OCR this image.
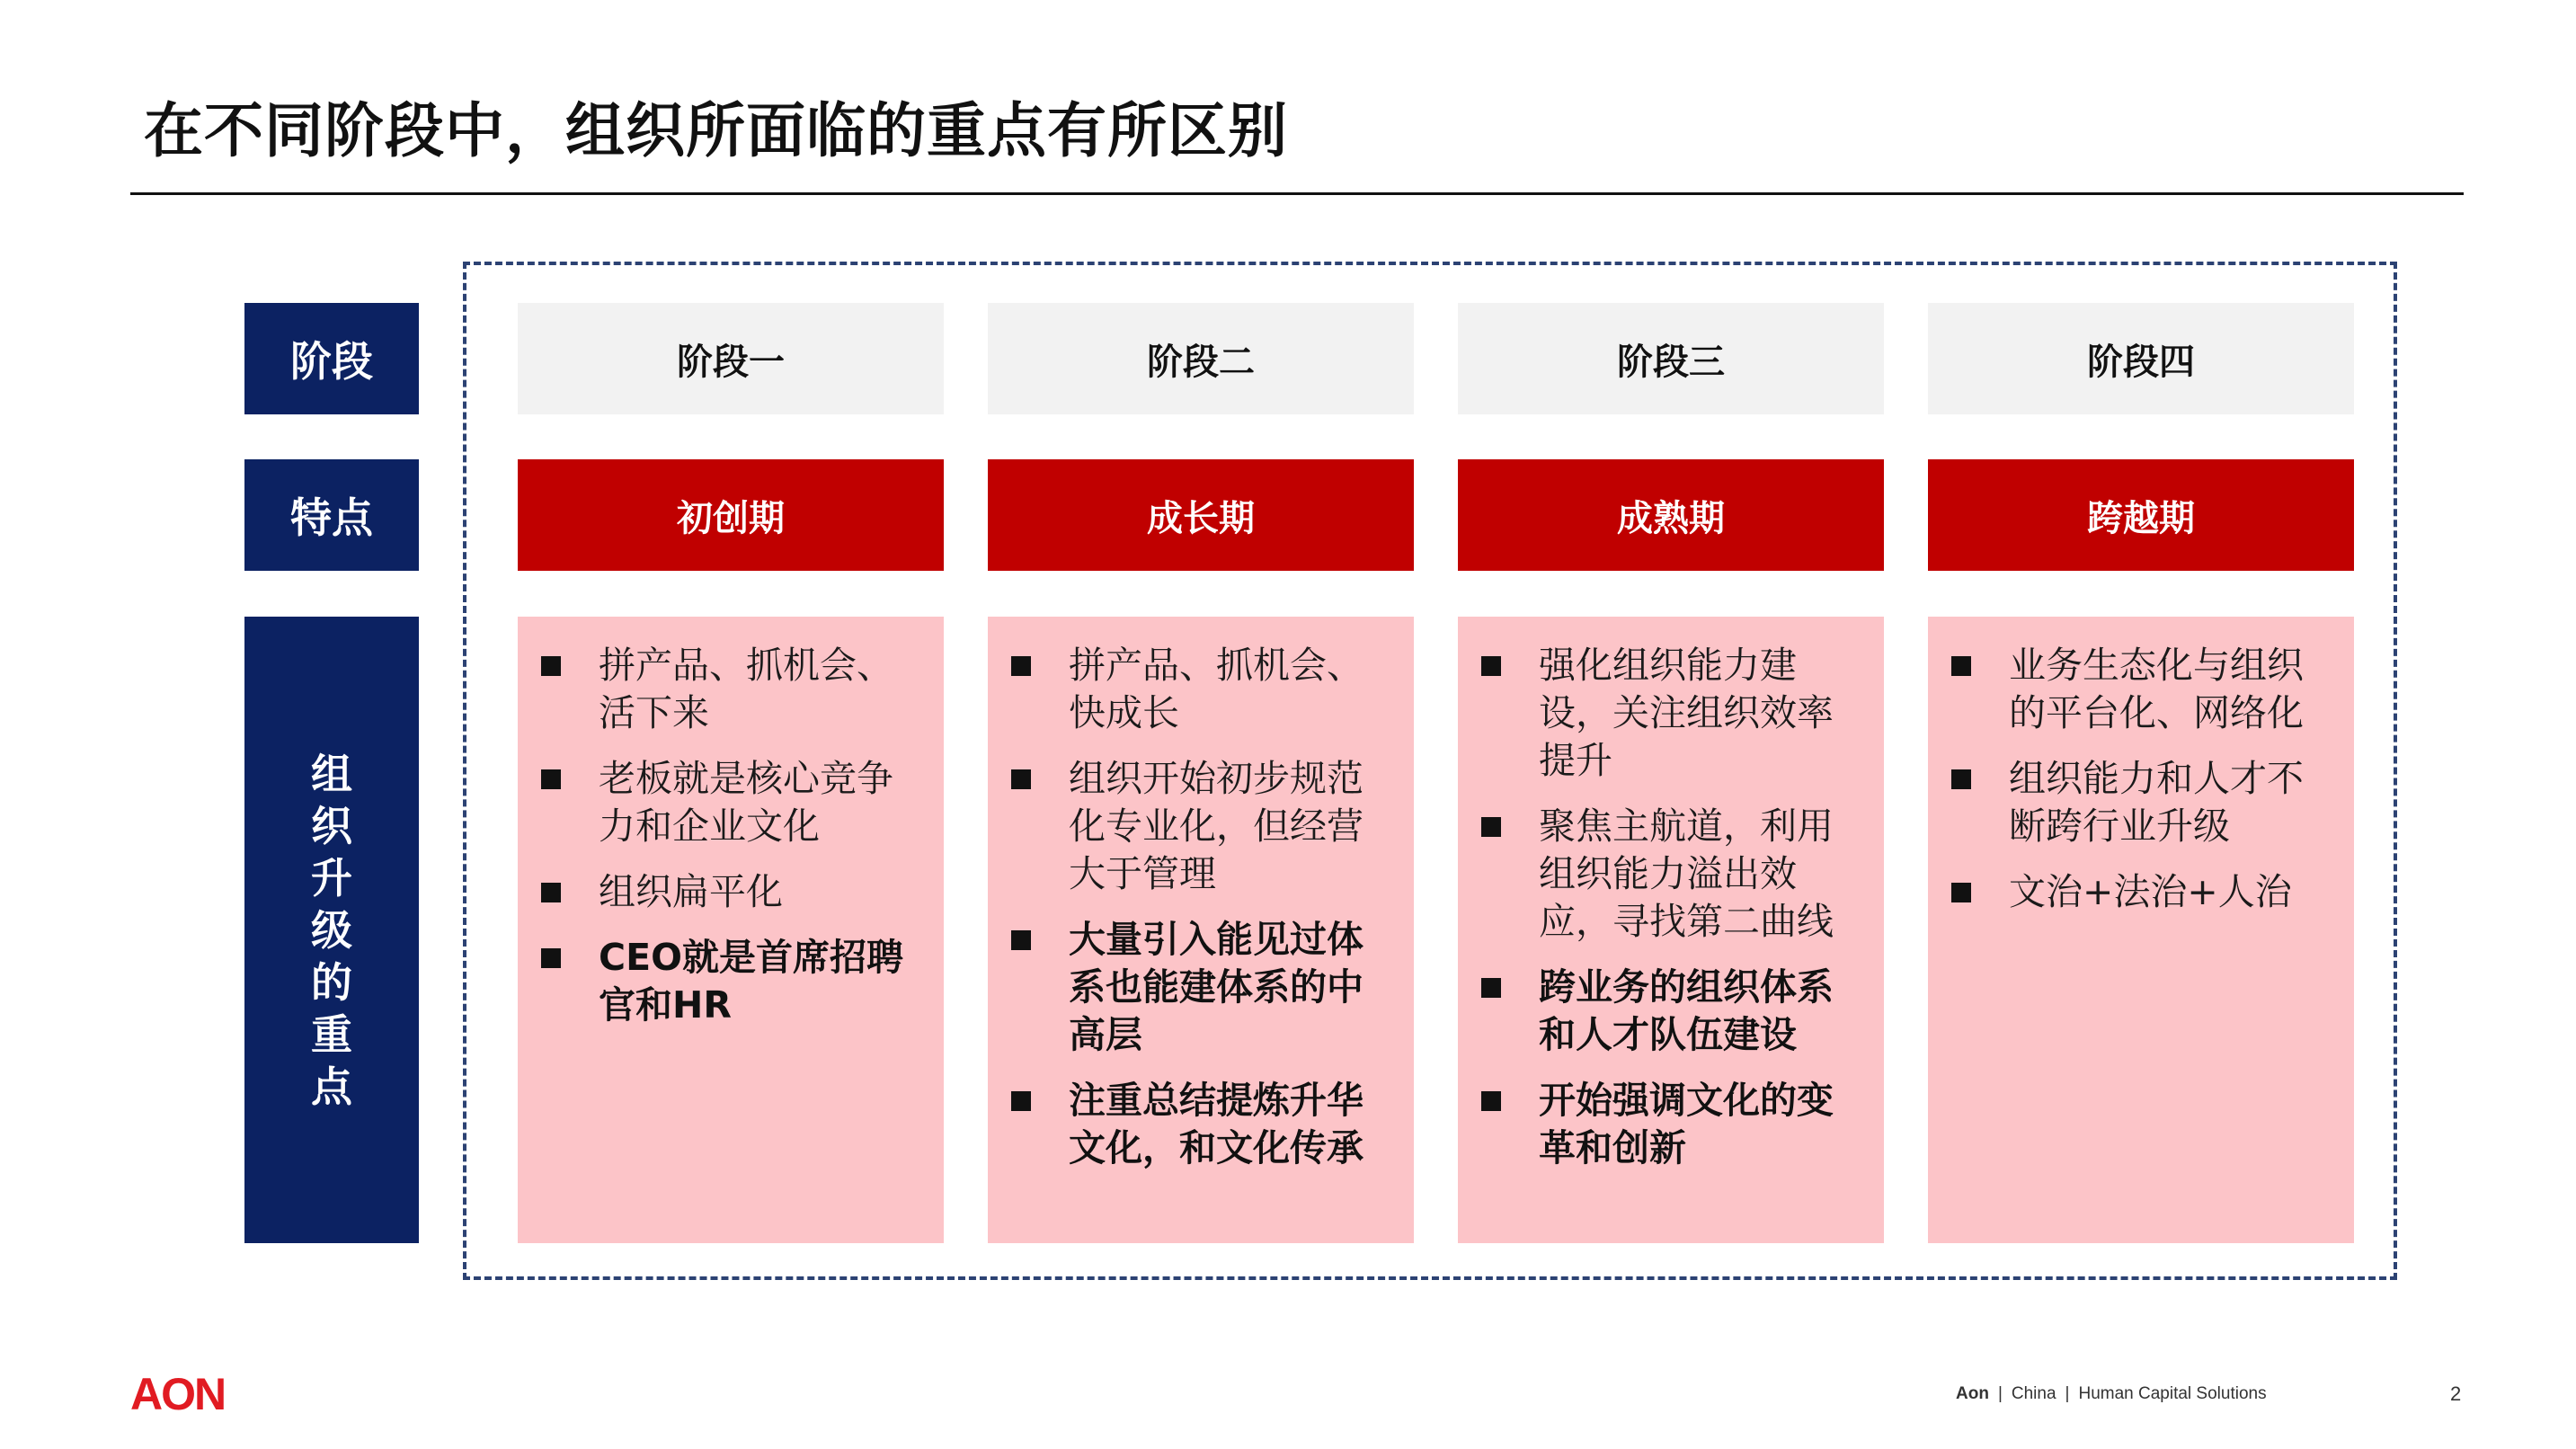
在不同阶段中，组织所面临的重点有所区别
阶段
特点
组
织
升
级
的
重
点
阶段一
初创期
拼产品、抓机会、活下来
老板就是核心竞争力和企业文化
组织扁平化
CEO就是首席招聘官和HR
阶段二
成长期
拼产品、抓机会、快成长
组织开始初步规范化专业化，但经营大于管理
大量引入能见过体系也能建体系的中高层
注重总结提炼升华文化，和文化传承
阶段三
成熟期
强化组织能力建设，关注组织效率提升
聚焦主航道，利用组织能力溢出效应，寻找第二曲线
跨业务的组织体系和人才队伍建设
开始强调文化的变革和创新
阶段四
跨越期
业务生态化与组织的平台化、网络化
组织能力和人才不断跨行业升级
文治+法治+人治
AON	Aon | China | Human Capital Solutions	2
